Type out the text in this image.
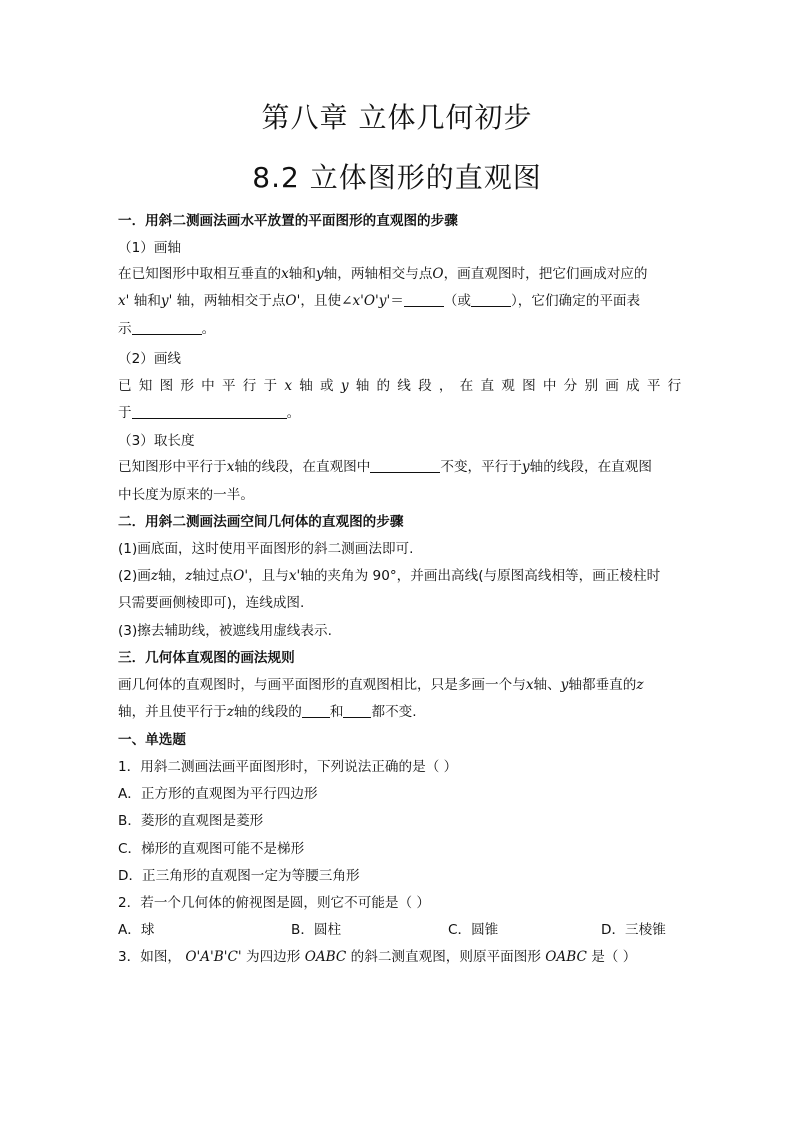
第八章 立体几何初步
8.2 立体图形的直观图
一．用斜二测画法画水平放置的平面图形的直观图的步骤
（1）画轴
在已知图形中取相互垂直的x轴和y轴，两轴相交与点O，画直观图时，把它们画成对应的
x' 轴和y' 轴，两轴相交于点O'，且使∠x'O'y'＝	（或	），它们确定的平面表
示	。
（2）画线
已知图形中平行于x轴或y轴的线段，在直观图中分别画成平行
于	。
（3）取长度
已知图形中平行于x轴的线段，在直观图中	不变，平行于y轴的线段，在直观图
中长度为原来的一半。
二．用斜二测画法画空间几何体的直观图的步骤
(1)画底面，这时使用平面图形的斜二测画法即可.
(2)画z轴，z轴过点O'，且与x'轴的夹角为 90°，并画出高线(与原图高线相等，画正棱柱时
只需要画侧棱即可)，连线成图.
(3)擦去辅助线，被遮线用虚线表示.
三．几何体直观图的画法规则
画几何体的直观图时，与画平面图形的直观图相比，只是多画一个与x轴、y轴都垂直的z
轴，并且使平行于z轴的线段的 和 都不变.
一、单选题
1．用斜二测画法画平面图形时，下列说法正确的是（ ）
A．正方形的直观图为平行四边形
B．菱形的直观图是菱形
C．梯形的直观图可能不是梯形
D．正三角形的直观图一定为等腰三角形
2．若一个几何体的俯视图是圆，则它不可能是（ ）
A．球	B．圆柱	C．圆锥	D．三棱锥
3．如图， O'A'B'C' 为四边形 OABC 的斜二测直观图，则原平面图形 OABC 是（ ）
